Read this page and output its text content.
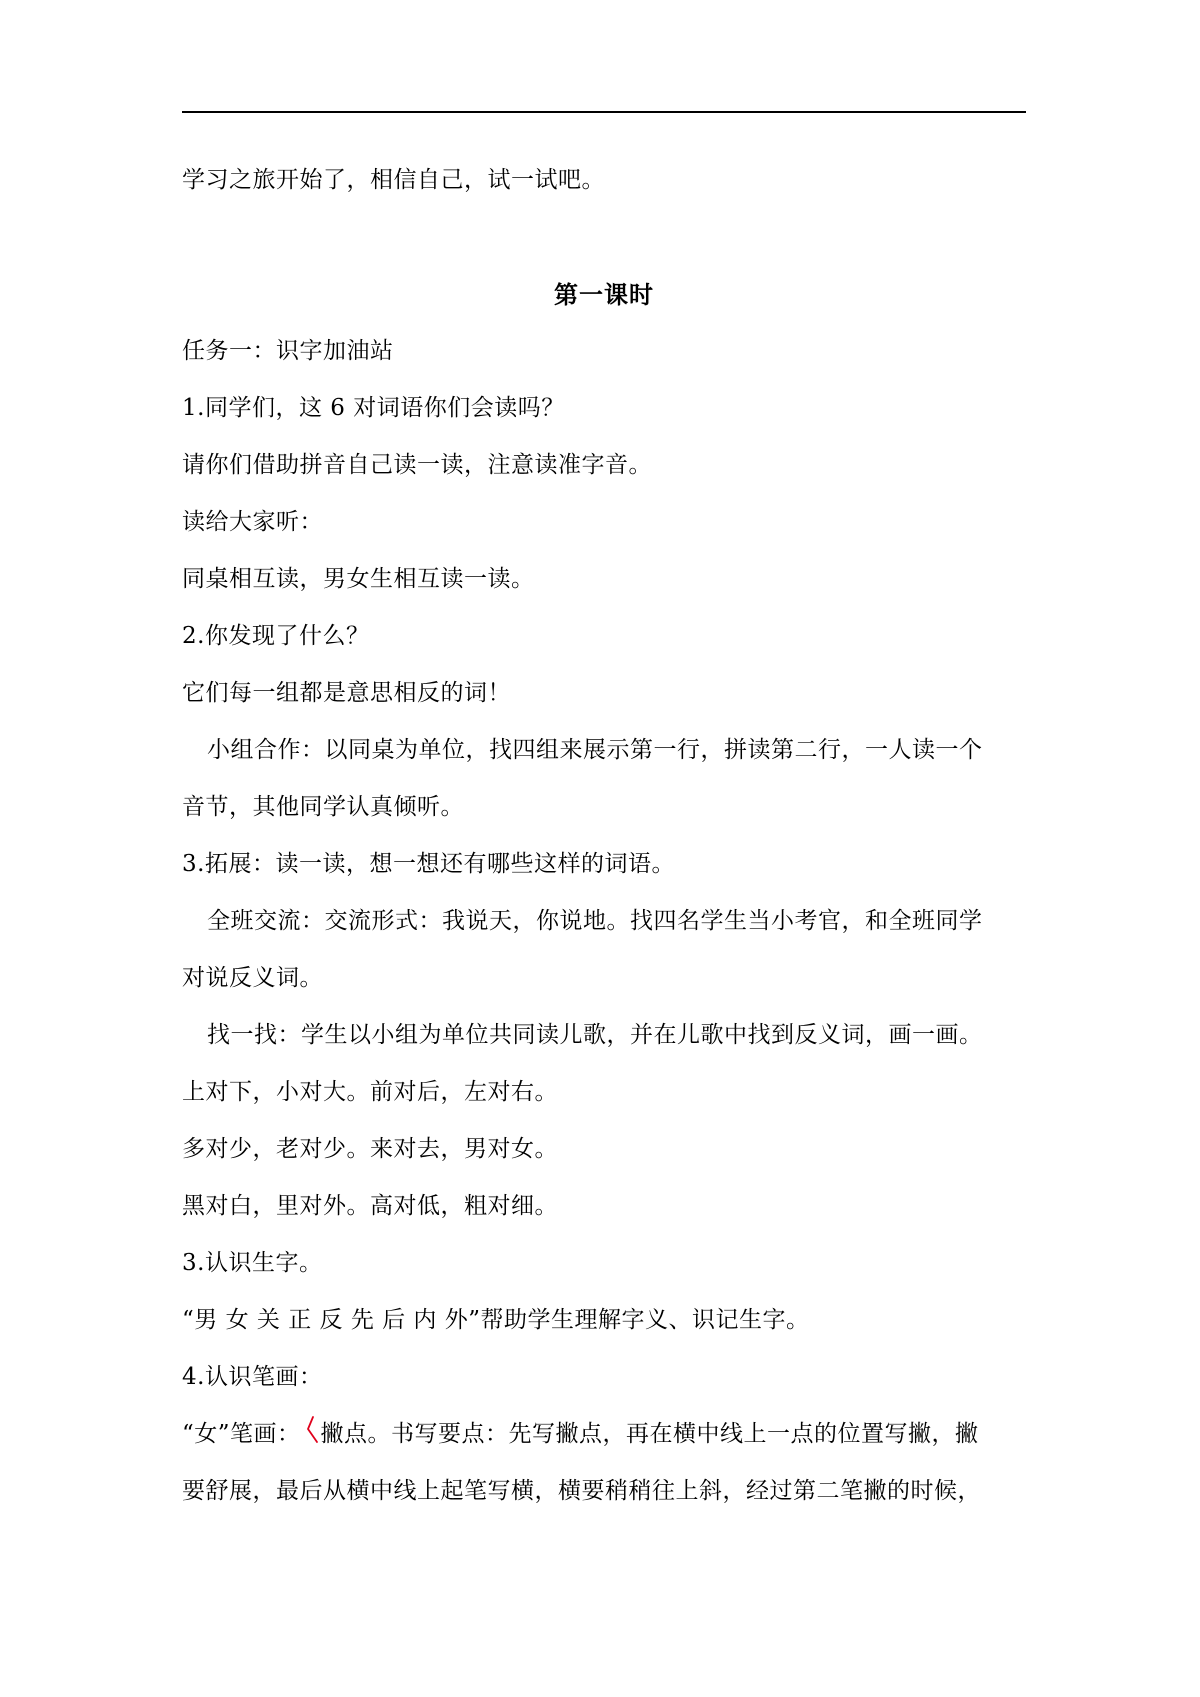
学习之旅开始了，相信自己，试一试吧。
第一课时
任务一：识字加油站
1.同学们，这 6 对词语你们会读吗？
请你们借助拼音自己读一读，注意读准字音。
读给大家听：
同桌相互读，男女生相互读一读。
2.你发现了什么？
它们每一组都是意思相反的词！
小组合作：以同桌为单位，找四组来展示第一行，拼读第二行，一人读一个
音节，其他同学认真倾听。
3.拓展：读一读，想一想还有哪些这样的词语。
全班交流：交流形式：我说天，你说地。找四名学生当小考官，和全班同学
对说反义词。
找一找：学生以小组为单位共同读儿歌，并在儿歌中找到反义词，画一画。
上对下，小对大。前对后，左对右。
多对少，老对少。来对去，男对女。
黑对白，里对外。高对低，粗对细。
3.认识生字。
“男 女 关 正 反 先 后 内 外”帮助学生理解字义、识记生字。
4.认识笔画：
“女”笔画： 撇点。书写要点：先写撇点，再在横中线上一点的位置写撇，撇
要舒展，最后从横中线上起笔写横，横要稍稍往上斜，经过第二笔撇的时候，
